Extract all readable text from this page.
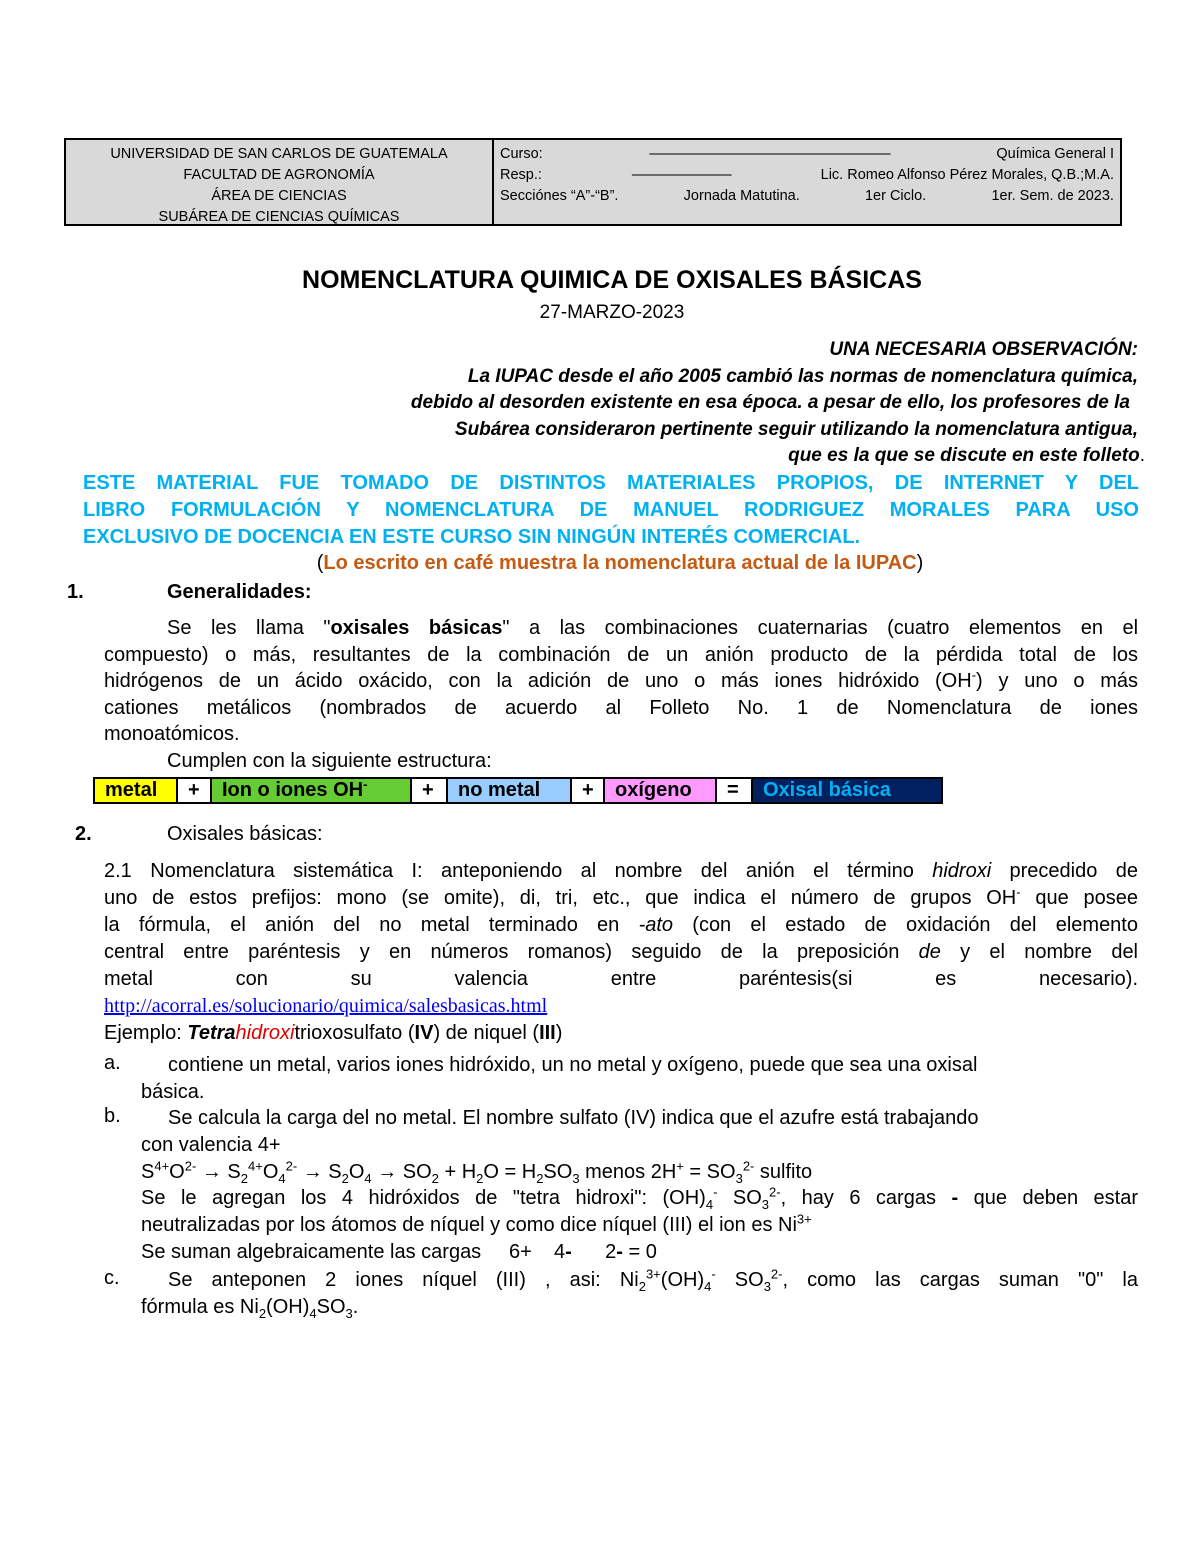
UNIVERSIDAD DE SAN CARLOS DE GUATEMALA
FACULTAD DE AGRONOMÍA
ÁREA DE CIENCIAS
SUBÁREA DE CIENCIAS QUÍMICAS
Curso:	––––––––––––––––––––––––––––––––––	Química General I
Resp.:	––––––––––––––	Lic. Romeo Alfonso Pérez Morales, Q.B.;M.A.
Secciónes “A”-“B”.	Jornada Matutina.	1er Ciclo.	1er. Sem. de 2023.
NOMENCLATURA QUIMICA DE OXISALES BÁSICAS
27-MARZO-2023
UNA NECESARIA OBSERVACIÓN:
La IUPAC desde el año 2005 cambió las normas de nomenclatura química,
debido al desorden existente en esa época. a pesar de ello, los profesores de la
Subárea consideraron pertinente seguir utilizando la nomenclatura antigua,
que es la que se discute en este folleto.
ESTE MATERIAL FUE TOMADO DE DISTINTOS MATERIALES PROPIOS, DE INTERNET Y DEL
LIBRO FORMULACIÓN Y NOMENCLATURA DE MANUEL RODRIGUEZ MORALES PARA USO
EXCLUSIVO DE DOCENCIA EN ESTE CURSO SIN NINGÚN INTERÉS COMERCIAL.
(Lo escrito en café muestra la nomenclatura actual de la IUPAC)
1.	Generalidades:
Se les llama "oxisales básicas" a las combinaciones cuaternarias (cuatro elementos en el
compuesto) o más, resultantes de la combinación de un anión producto de la pérdida total de los
hidrógenos de un ácido oxácido, con la adición de uno o más iones hidróxido (OH-) y uno o más
cationes metálicos (nombrados de acuerdo al Folleto No. 1 de Nomenclatura de iones
monoatómicos.
Cumplen con la siguiente estructura:
metal	+	Ion o iones OH-	+	no metal	+	oxígeno	=	Oxisal básica
2.	Oxisales básicas:
2.1 Nomenclatura sistemática I: anteponiendo al nombre del anión el término hidroxi precedido de
uno de estos prefijos: mono (se omite), di, tri, etc., que indica el número de grupos OH- que posee
la fórmula, el anión del no metal terminado en -ato (con el estado de oxidación del elemento
central entre paréntesis y en números romanos) seguido de la preposición de y el nombre del
metal con su valencia entre paréntesis(si es necesario).
http://acorral.es/solucionario/quimica/salesbasicas.html
Ejemplo: Tetrahidroxitrioxosulfato (IV) de niquel (III)
a.	contiene un metal, varios iones hidróxido, un no metal y oxígeno, puede que sea una oxisal
básica.
b.	Se calcula la carga del no metal. El nombre sulfato (IV) indica que el azufre está trabajando
con valencia 4+
$S^{4+}O^{2-} \to S_2^{4+}O_4^{2-} \to S_2O_4 \to SO_2 + H_2O = H_2SO_3$ menos $2H^+ = SO_3^{2-}$ sulfito
Se le agregan los 4 hidróxidos de "tetra hidroxi": $(OH)_4^-$ $SO_3^{2-}$, hay 6 cargas - que deben estar
neutralizadas por los átomos de níquel y como dice níquel (III) el ion es $Ni^{3+}$
Se suman algebraicamente las cargas     6+    4-      2- = 0
c.	Se anteponen 2 iones níquel (III) , asi: $Ni_2^{3+}(OH)_4^-$ $SO_3^{2-}$, como las cargas suman "0" la
fórmula es $Ni_2(OH)_4SO_3$.
